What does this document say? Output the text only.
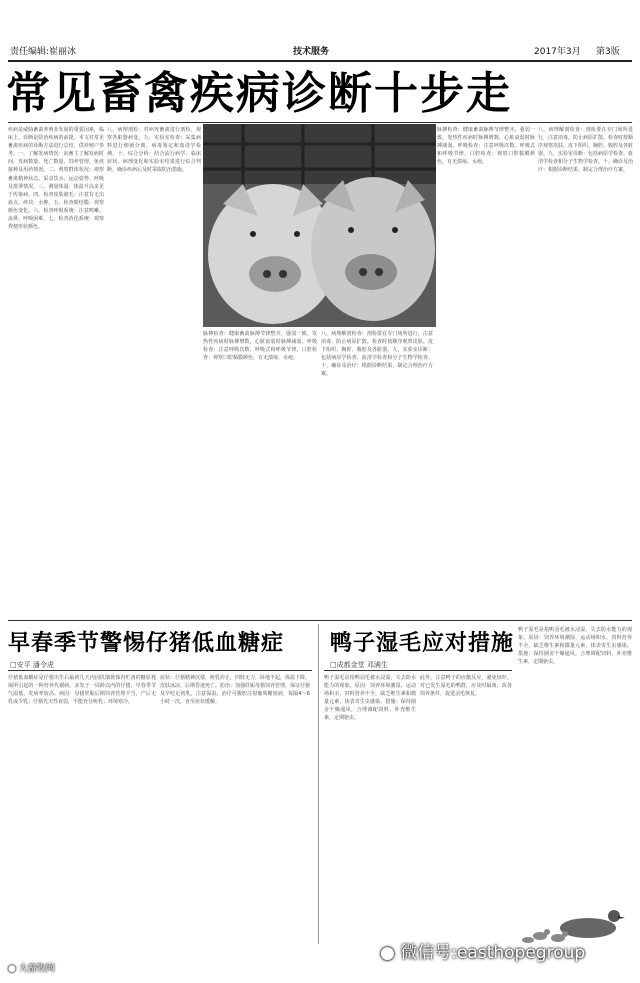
责任编辑:崔丽冰	技术服务	2017年3月 第3版
常见畜禽疾病诊断十步走

疾病是威胁畜禽养殖业发展的重要因素，临床上，诊断是防治疾病的前提。本文对常见畜禽疾病的诊断方法进行总结，供养殖户参考。一、了解发病情况：向畜主了解发病时间、发病数量、死亡数量、饲养管理、免疫接种及用药情况。二、观察群体状况：观察畜禽精神状态、采食饮水、运动姿势、呼吸及排泄情况。三、测量体温：体温升高多见于传染病。四、检查皮肤被毛：注意有无出血点、疹块、水肿。五、检查眼结膜：观察颜色变化。六、检查呼吸系统：注意咳嗽、流鼻、呼吸困难。七、检查消化系统：观察粪便形状颜色。

八、病理剖检：对病死畜禽进行剖检，观察各脏器病变。九、实验室检查：采集病料进行细菌分离、病毒鉴定和血清学检测。十、综合分析：结合流行病学、临床症状、病理变化和实验室结果进行综合判断，确诊疾病后及时采取防治措施。

脉搏检查：健康畜禽脉搏节律整齐，强弱一致。发热性疾病时脉搏增数，心脏衰弱时脉搏减弱。呼吸检查：注意呼吸次数、呼吸式和呼吸节律。口腔检查：观察口腔黏膜颜色，有无溃疡、水疱。

八、病理解剖检查：剖检要在专门场所进行，注意消毒，防止病原扩散。检查时按顺序观察皮肤、皮下组织、胸腔、腹腔及各脏器。九、实验室诊断：包括病原学检查、血清学检查和分子生物学检查。十、确诊及治疗：根据诊断结果，制定合理治疗方案。

脉搏检查：健康畜禽脉搏节律整齐，强弱一致。发热性疾病时脉搏增数，心脏衰弱时脉搏减弱。呼吸检查：注意呼吸次数、呼吸式和呼吸节律。口腔检查：观察口腔黏膜颜色，有无溃疡、水疱。

八、病理解剖检查：剖检要在专门场所进行，注意消毒，防止病原扩散。检查时按顺序观察皮肤、皮下组织、胸腔、腹腔及各脏器。九、实验室诊断：包括病原学检查、血清学检查和分子生物学检查。十、确诊及治疗：根据诊断结果，制定合理治疗方案。

早春季节警惕仔猪低血糖症
□安平 潘令虎

仔猪低血糖症是仔猪出生后最初几天内因饥饿致体内贮备的糖原耗竭所引起的一种营养代谢病。多发于一周龄以内的仔猪，早春季节气温低，发病率较高。病因：母猪妊娠后期饲养管理不当，产后无乳或少乳；仔猪先天性衰弱，不能充分吮乳；环境寒冷。

症状：仔猪精神沉郁，吮乳停止，四肢无力，卧地不起，体温下降，皮肤冰凉，后期昏迷死亡。防治：加强妊娠母猪饲养管理，保证仔猪及早吃足初乳，注意保温。治疗可腹腔注射葡萄糖溶液，每隔4～6小时一次，直至症状缓解。

鸭子湿毛应对措施
□成都金堂 邓满生

鸭子湿毛是指鸭羽毛被水浸湿，失去防水能力的现象。原因：饲养环境潮湿，运动场积水，饲料营养不全，缺乏维生素和微量元素，体表寄生虫感染。措施：保持圈舍干燥通风，合理调配饲料，补充维生素，定期驱虫。

此外，注意鸭子的应激反应，避免惊吓。对已发生湿毛的鸭群，应及时隔离，改善饲养条件，促进羽毛恢复。

鸭子湿毛是指鸭羽毛被水浸湿，失去防水能力的现象。原因：饲养环境潮湿，运动场积水，饲料营养不全，缺乏维生素和微量元素，体表寄生虫感染。措施：保持圈舍干燥通风，合理调配饲料，补充维生素，定期驱虫。

● 微信号:easthopegroup
● 大畜牧网
